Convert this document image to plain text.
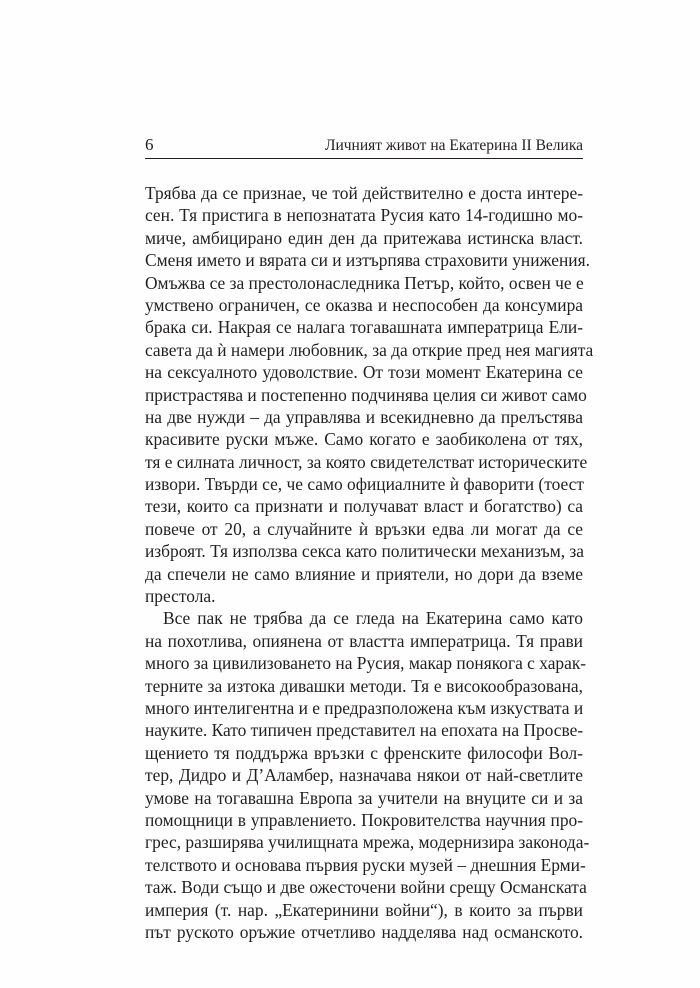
6	Личният живот на Екатерина II Велика
Трябва да се признае, че той действително е доста интере-
сен. Тя пристига в непознатата Русия като 14-годишно мо-
миче, амбицирано един ден да притежава истинска власт.
Сменя името и вярата си и изтърпява страховити унижения.
Омъжва се за престолонаследника Петър, който, освен че е
умствено ограничен, се оказва и неспособен да консумира
брака си. Накрая се налага тогавашната императрица Ели-
савета да ѝ намери любовник, за да открие пред нея магията
на сексуалното удоволствие. От този момент Екатерина се
пристрастява и постепенно подчинява целия си живот само
на две нужди – да управлява и всекидневно да прелъстява
красивите руски мъже. Само когато е заобиколена от тях,
тя е силната личност, за която свидетелстват историческите
извори. Твърди се, че само официалните ѝ фаворити (тоест
тези, които са признати и получават власт и богатство) са
повече от 20, а случайните ѝ връзки едва ли могат да се
изброят. Тя използва секса като политически механизъм, за
да спечели не само влияние и приятели, но дори да вземе
престола.
Все пак не трябва да се гледа на Екатерина само като
на похотлива, опиянена от властта императрица. Тя прави
много за цивилизоването на Русия, макар понякога с харак-
терните за изтока дивашки методи. Тя е високообразована,
много интелигентна и е предразположена към изкуствата и
науките. Като типичен представител на епохата на Просве-
щението тя поддържа връзки с френските философи Вол-
тер, Дидро и Д’Аламбер, назначава някои от най-светлите
умове на тогавашна Европа за учители на внуците си и за
помощници в управлението. Покровителства научния про-
грес, разширява училищната мрежа, модернизира законода-
телството и основава първия руски музей – днешния Ерми-
таж. Води също и две ожесточени войни срещу Османската
империя (т. нар. „Екатеринини войни“), в които за първи
път руското оръжие отчетливо надделява над османското.
